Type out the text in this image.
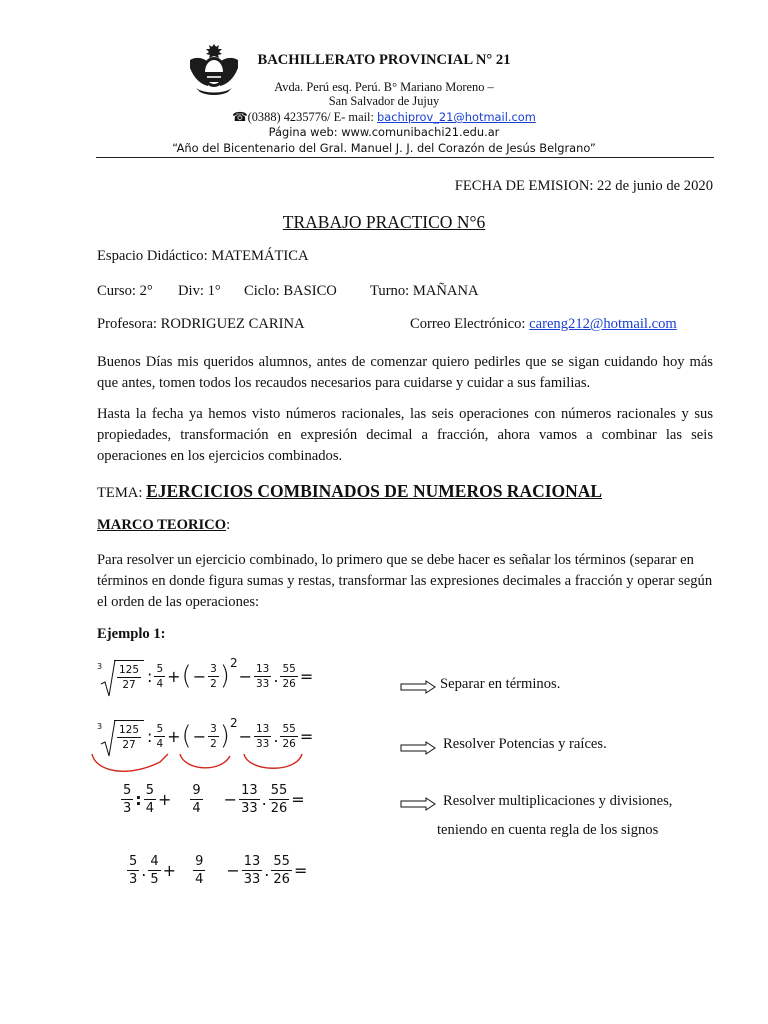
BACHILLERATO PROVINCIAL N° 21
Avda. Perú esq. Perú. B° Mariano Moreno –
San Salvador de Jujuy
☎(0388) 4235776/ E- mail: bachiprov_21@hotmail.com
Página web: www.comunibachi21.edu.ar
“Año del Bicentenario del Gral. Manuel J. J. del Corazón de Jesús Belgrano”
FECHA DE EMISION: 22 de junio de 2020
TRABAJO PRACTICO N°6
Espacio Didáctico: MATEMÁTICA
Curso: 2° Div: 1° Ciclo: BASICO Turno: MAÑANA
Profesora: RODRIGUEZ CARINA	Correo Electrónico: careng212@hotmail.com
Buenos Días mis queridos alumnos, antes de comenzar quiero pedirles que se sigan cuidando hoy más que antes, tomen todos los recaudos necesarios para cuidarse y cuidar a sus familias.
Hasta la fecha ya hemos visto números racionales, las seis operaciones con números racionales y sus propiedades, transformación en expresión decimal a fracción, ahora vamos a combinar las seis operaciones en los ejercicios combinados.
TEMA: EJERCICIOS COMBINADOS DE NUMEROS RACIONAL
MARCO TEORICO:
Para resolver un ejercicio combinado, lo primero que se debe hacer es señalar los términos (separar en términos en donde figura sumas y restas, transformar las expresiones decimales a fracción y operar según el orden de las operaciones:
Ejemplo 1:
$3 \frac{125}{27}$ : $\frac{5}{4}$ + ( − $\frac{3}{2}$ ) 2
− $\frac{13}{33}$ . $\frac{55}{26}$ =	Separar en términos.
$3 \frac{125}{27}$ : $\frac{5}{4}$ + ( − $\frac{3}{2}$ ) 2
− $\frac{13}{33}$ . $\frac{55}{26}$ =	Resolver Potencias y raíces.
$\frac{5}{3}$ : $\frac{5}{4} + \frac{9}{4} - \frac{13}{33}$ . $\frac{55}{26}$ =	Resolver multiplicaciones y divisiones,
teniendo en cuenta regla de los signos
$\frac{5}{3}$ . $\frac{4}{5} + \frac{9}{4} - \frac{13}{33}$ . $\frac{55}{26}$ =
